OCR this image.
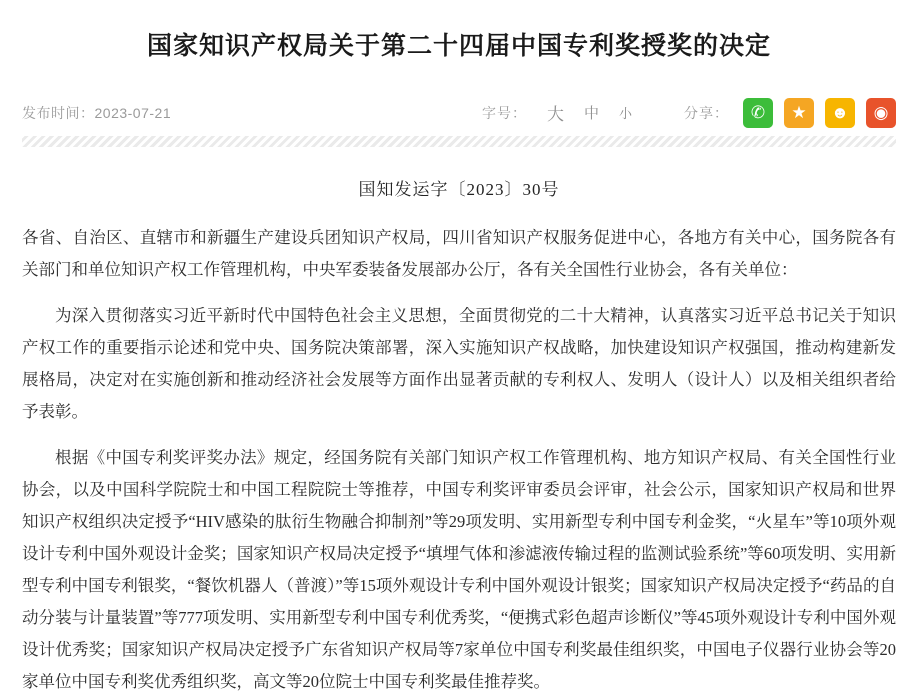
国家知识产权局关于第二十四届中国专利奖授奖的决定
发布时间：2023-07-21	字号：	大	中	小	分享：	✆	★	☻	◉
国知发运字〔2023〕30号

各省、自治区、直辖市和新疆生产建设兵团知识产权局，四川省知识产权服务促进中心，各地方有关中心，国务院各有关部门和单位知识产权工作管理机构，中央军委装备发展部办公厅，各有关全国性行业协会，各有关单位：

为深入贯彻落实习近平新时代中国特色社会主义思想，全面贯彻党的二十大精神，认真落实习近平总书记关于知识产权工作的重要指示论述和党中央、国务院决策部署，深入实施知识产权战略，加快建设知识产权强国，推动构建新发展格局，决定对在实施创新和推动经济社会发展等方面作出显著贡献的专利权人、发明人（设计人）以及相关组织者给予表彰。

根据《中国专利奖评奖办法》规定，经国务院有关部门知识产权工作管理机构、地方知识产权局、有关全国性行业协会，以及中国科学院院士和中国工程院院士等推荐，中国专利奖评审委员会评审，社会公示，国家知识产权局和世界知识产权组织决定授予“HIV感染的肽衍生物融合抑制剂”等29项发明、实用新型专利中国专利金奖，“火星车”等10项外观设计专利中国外观设计金奖；国家知识产权局决定授予“填埋气体和渗滤液传输过程的监测试验系统”等60项发明、实用新型专利中国专利银奖，“餐饮机器人（普渡）”等15项外观设计专利中国外观设计银奖；国家知识产权局决定授予“药品的自动分装与计量装置”等777项发明、实用新型专利中国专利优秀奖，“便携式彩色超声诊断仪”等45项外观设计专利中国外观设计优秀奖；国家知识产权局决定授予广东省知识产权局等7家单位中国专利奖最佳组织奖，中国电子仪器行业协会等20家单位中国专利奖优秀组织奖，高文等20位院士中国专利奖最佳推荐奖。
